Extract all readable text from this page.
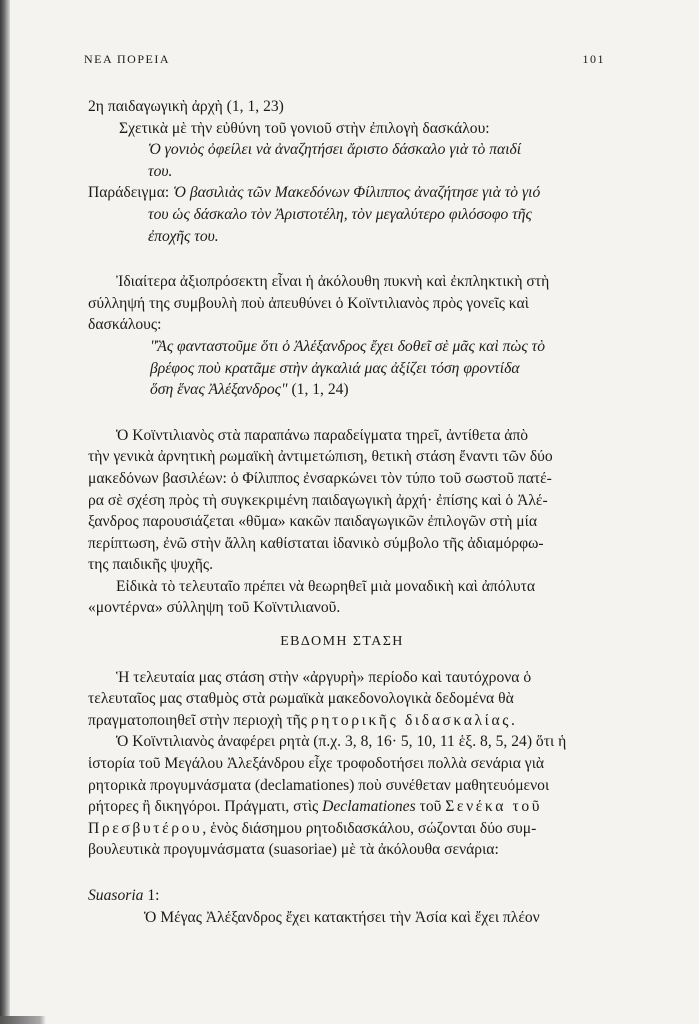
ΝΕΑ ΠΟΡΕΙΑ	101
2η παιδαγωγικὴ ἀρχὴ (1, 1, 23)
Σχετικὰ μὲ τὴν εὐθύνη τοῦ γονιοῦ στὴν ἐπιλογὴ δασκάλου:
Ὁ γονιὸς ὀφείλει νὰ ἀναζητήσει ἄριστο δάσκαλο γιὰ τὸ παιδί
του.
Παράδειγμα: Ὁ βασιλιὰς τῶν Μακεδόνων Φίλιππος ἀναζήτησε γιὰ τὸ γιό
του ὡς δάσκαλο τὸν Ἀριστοτέλη, τὸν μεγαλύτερο φιλόσοφο τῆς
ἐποχῆς του.
Ἰδιαίτερα ἀξιοπρόσεκτη εἶναι ἡ ἀκόλουθη πυκνὴ καὶ ἐκπληκτικὴ στὴ
σύλληψή της συμβουλὴ ποὺ ἀπευθύνει ὁ Κοϊντιλιανὸς πρὸς γονεῖς καὶ
δασκάλους:
"Ἂς φανταστοῦμε ὅτι ὁ Ἀλέξανδρος ἔχει δοθεῖ σὲ μᾶς καὶ πὼς τὸ
βρέφος ποὺ κρατᾶμε στὴν ἀγκαλιά μας ἀξίζει τόση φροντίδα
ὅση ἕνας Ἀλέξανδρος" (1, 1, 24)
Ὁ Κοϊντιλιανὸς στὰ παραπάνω παραδείγματα τηρεῖ, ἀντίθετα ἀπὸ
τὴν γενικὰ ἀρνητικὴ ρωμαϊκὴ ἀντιμετώπιση, θετικὴ στάση ἔναντι τῶν δύο
μακεδόνων βασιλέων: ὁ Φίλιππος ἐνσαρκώνει τὸν τύπο τοῦ σωστοῦ πατέ-
ρα σὲ σχέση πρὸς τὴ συγκεκριμένη παιδαγωγικὴ ἀρχή· ἐπίσης καὶ ὁ Ἀλέ-
ξανδρος παρουσιάζεται «θῦμα» κακῶν παιδαγωγικῶν ἐπιλογῶν στὴ μία
περίπτωση, ἐνῶ στὴν ἄλλη καθίσταται ἰδανικὸ σύμβολο τῆς ἀδιαμόρφω-
της παιδικῆς ψυχῆς.
Εἰδικὰ τὸ τελευταῖο πρέπει νὰ θεωρηθεῖ μιὰ μοναδικὴ καὶ ἀπόλυτα
«μοντέρνα» σύλληψη τοῦ Κοϊντιλιανοῦ.
ΕΒΔΟΜΗ ΣΤΑΣΗ
Ἡ τελευταία μας στάση στὴν «ἀργυρὴ» περίοδο καὶ ταυτόχρονα ὁ
τελευταῖος μας σταθμὸς στὰ ρωμαϊκὰ μακεδονολογικὰ δεδομένα θὰ
πραγματοποιηθεῖ στὴν περιοχὴ τῆς ρητορικῆς διδασκαλίας.
Ὁ Κοϊντιλιανὸς ἀναφέρει ρητὰ (π.χ. 3, 8, 16· 5, 10, 11 ἑξ. 8, 5, 24) ὅτι ἡ
ἱστορία τοῦ Μεγάλου Ἀλεξάνδρου εἶχε τροφοδοτήσει πολλὰ σενάρια γιὰ
ρητορικὰ προγυμνάσματα (declamationes) ποὺ συνέθεταν μαθητευόμενοι
ρήτορες ἢ δικηγόροι. Πράγματι, στὶς Declamationes τοῦ Σενέκα τοῦ
Πρεσβυτέρου, ἑνὸς διάσημου ρητοδιδασκάλου, σώζονται δύο συμ-
βουλευτικὰ προγυμνάσματα (suasoriae) μὲ τὰ ἀκόλουθα σενάρια:
Suasoria 1:
Ὁ Μέγας Ἀλέξανδρος ἔχει κατακτήσει τὴν Ἀσία καὶ ἔχει πλέον
